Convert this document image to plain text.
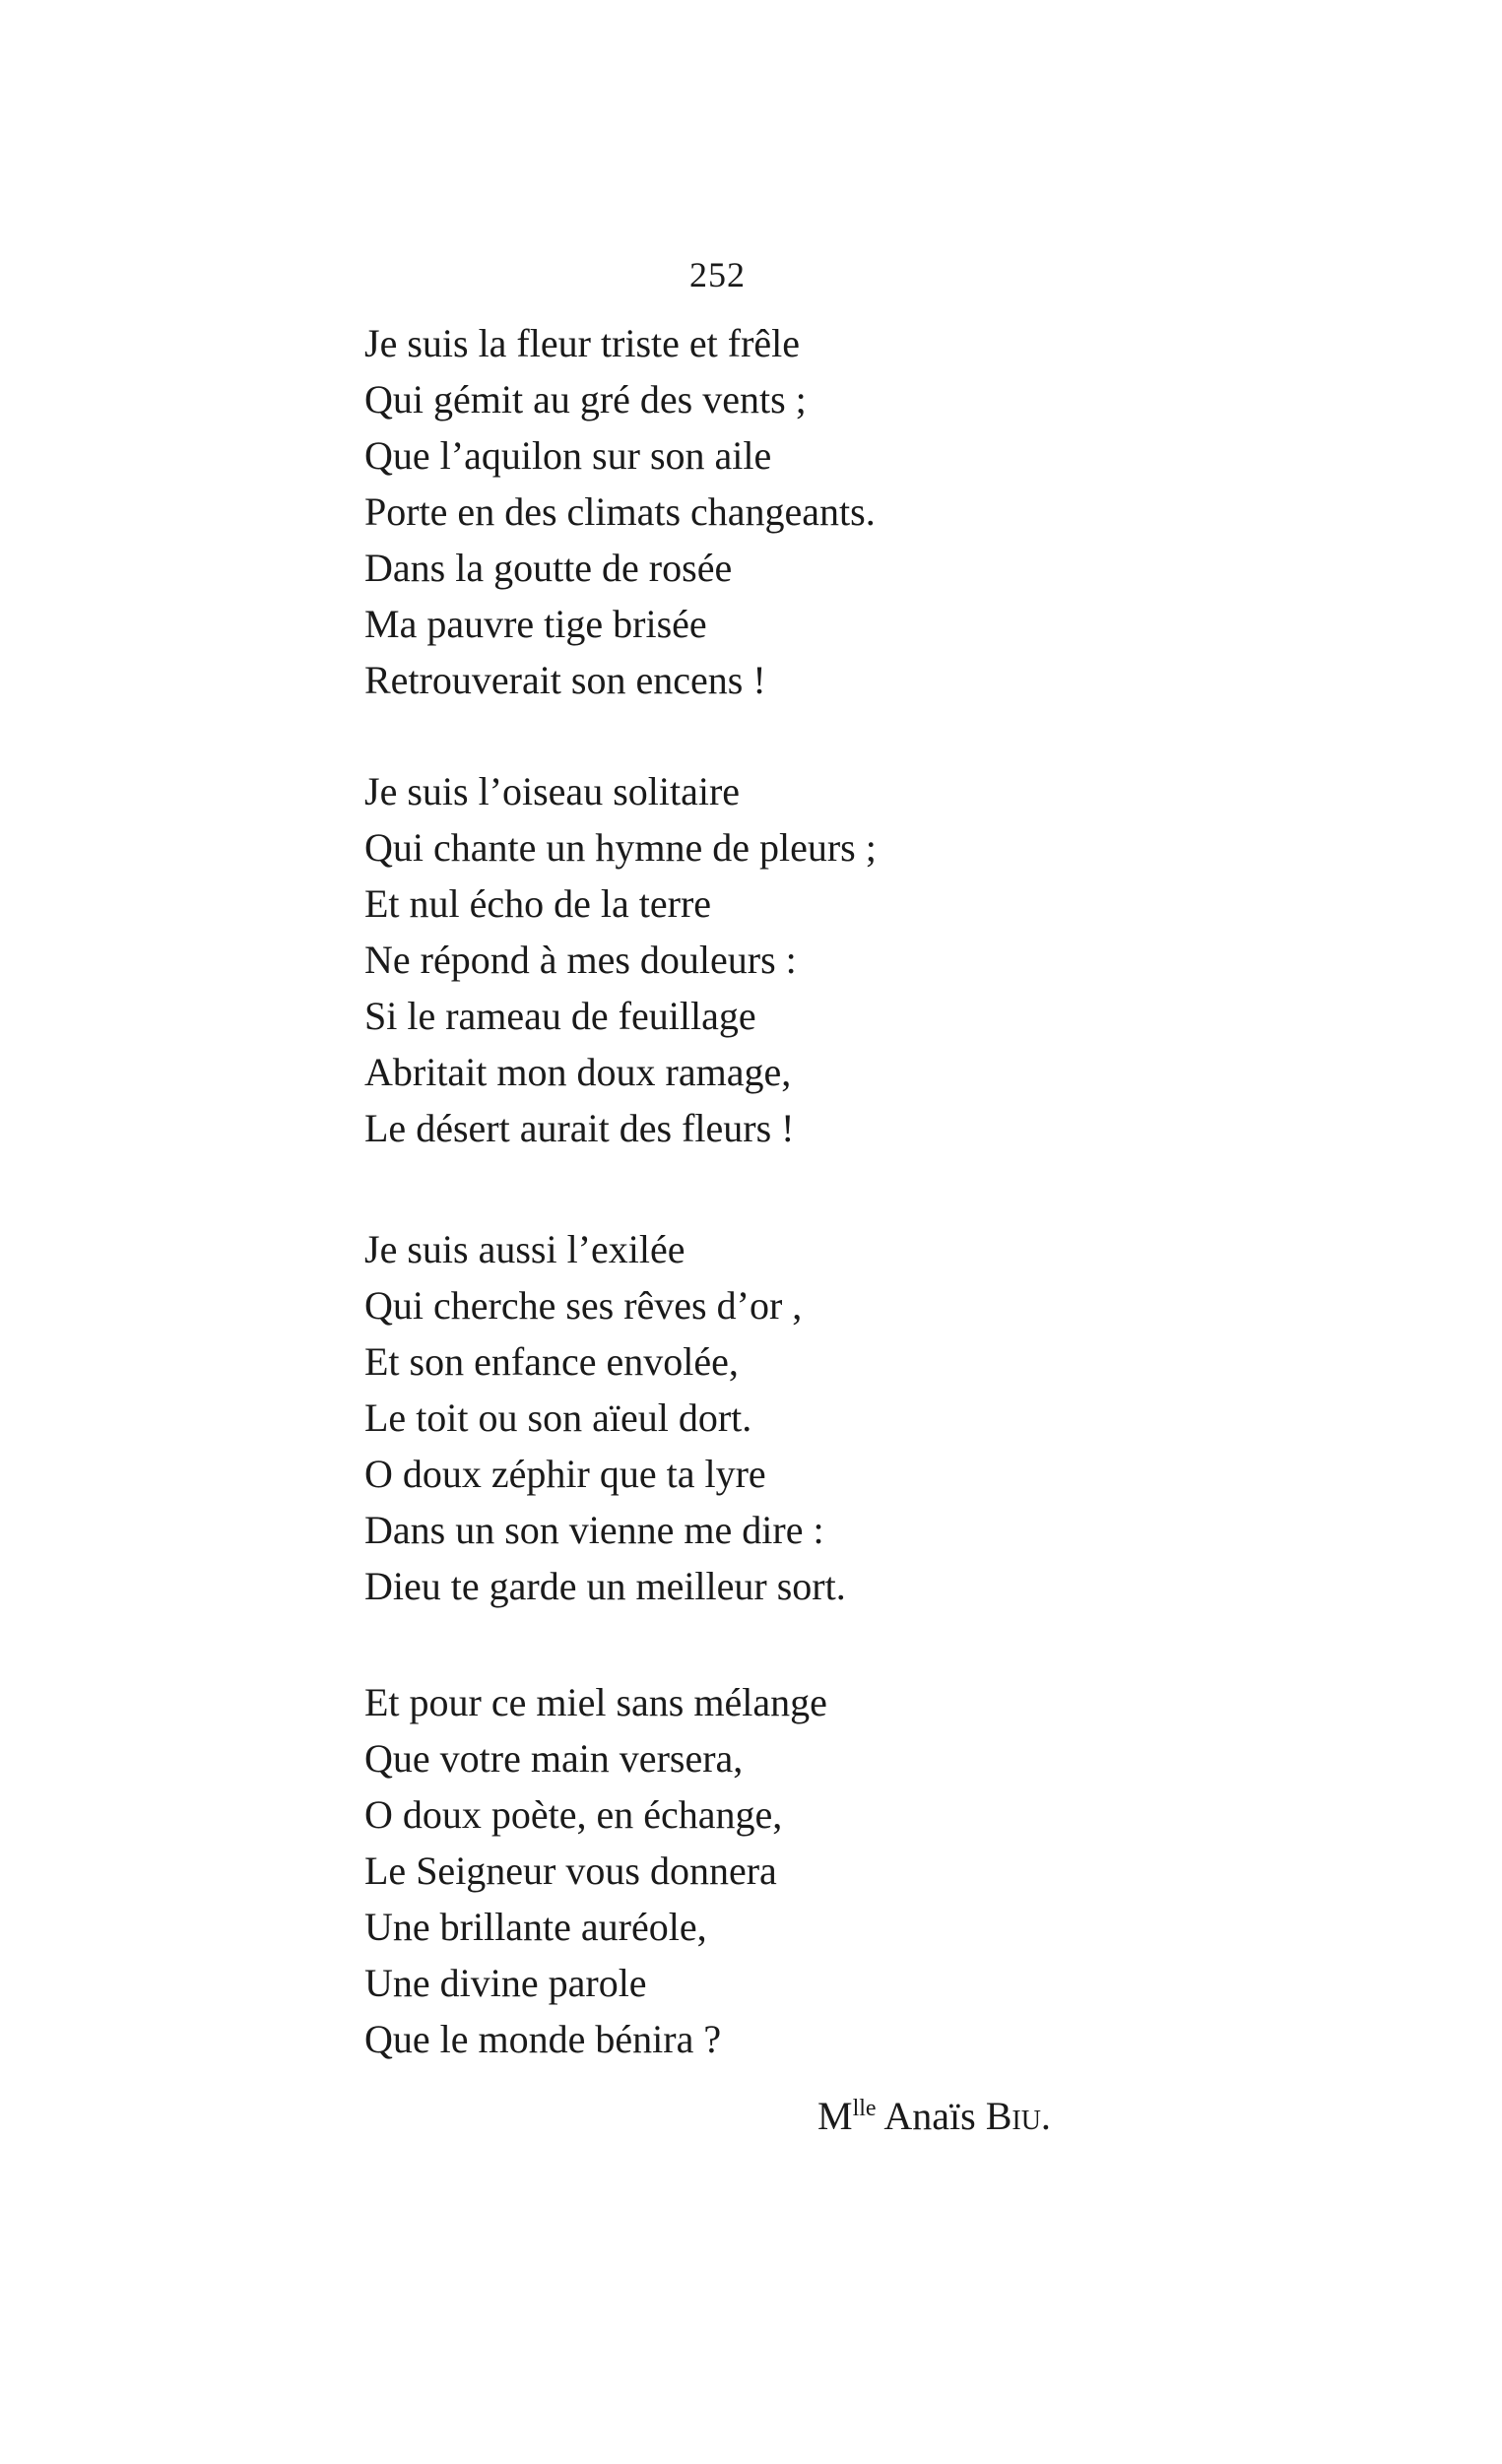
252
Je suis la fleur triste et frêle
Qui gémit au gré des vents ;
Que l’aquilon sur son aile
Porte en des climats changeants.
Dans la goutte de rosée
Ma pauvre tige brisée
Retrouverait son encens !
Je suis l’oiseau solitaire
Qui chante un hymne de pleurs ;
Et nul écho de la terre
Ne répond à mes douleurs :
Si le rameau de feuillage
Abritait mon doux ramage,
Le désert aurait des fleurs !
Je suis aussi l’exilée
Qui cherche ses rêves d’or ,
Et son enfance envolée,
Le toit ou son aïeul dort.
O doux zéphir que ta lyre
Dans un son vienne me dire :
Dieu te garde un meilleur sort.
Et pour ce miel sans mélange
Que votre main versera,
O doux poète, en échange,
Le Seigneur vous donnera
Une brillante auréole,
Une divine parole
Que le monde bénira ?
$M^{lle}$ Anaïs Biu.
